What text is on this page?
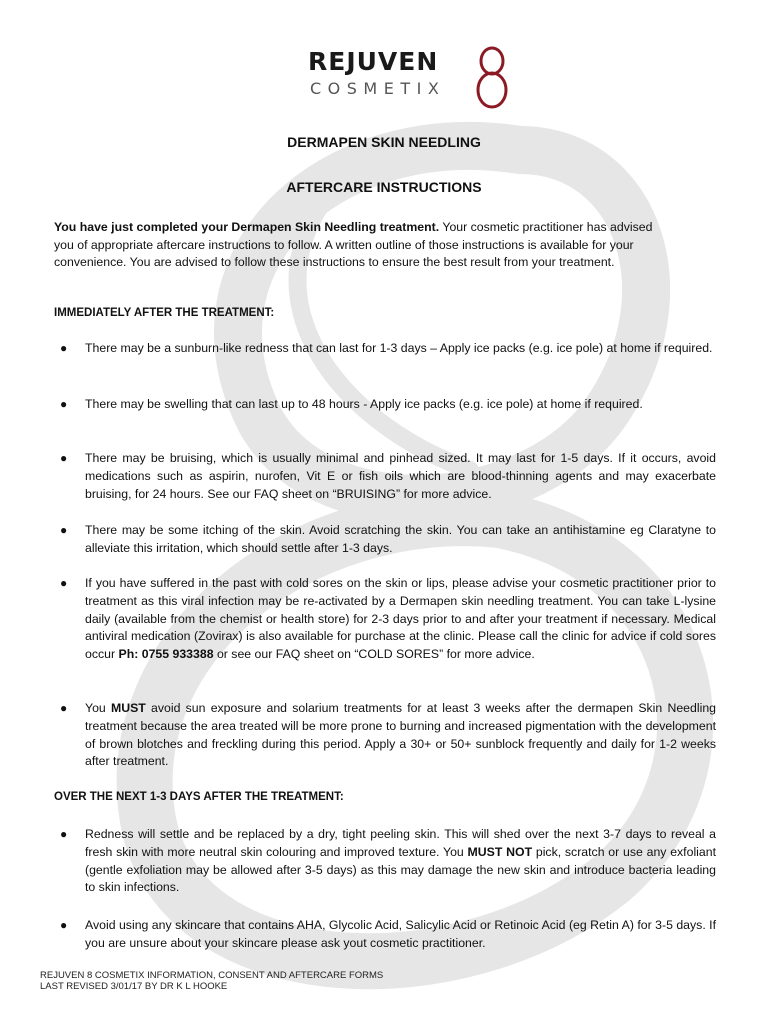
REJUVEN
COSMETIX
DERMAPEN SKIN NEEDLING
AFTERCARE INSTRUCTIONS
You have just completed your Dermapen Skin Needling treatment. Your cosmetic practitioner has advised you of appropriate aftercare instructions to follow. A written outline of those instructions is available for your convenience. You are advised to follow these instructions to ensure the best result from your treatment.
IMMEDIATELY AFTER THE TREATMENT:
●	There may be a sunburn-like redness that can last for 1-3 days – Apply ice packs (e.g. ice pole) at home if required.
●	There may be swelling that can last up to 48 hours - Apply ice packs (e.g. ice pole) at home if required.
●	There may be bruising, which is usually minimal and pinhead sized. It may last for 1-5 days. If it occurs, avoid medications such as aspirin, nurofen, Vit E or fish oils which are blood-thinning agents and may exacerbate bruising, for 24 hours. See our FAQ sheet on “BRUISING” for more advice.
●	There may be some itching of the skin. Avoid scratching the skin. You can take an antihistamine eg Claratyne to alleviate this irritation, which should settle after 1-3 days.
●	If you have suffered in the past with cold sores on the skin or lips, please advise your cosmetic practitioner prior to treatment as this viral infection may be re-activated by a Dermapen skin needling treatment. You can take L-lysine daily (available from the chemist or health store) for 2-3 days prior to and after your treatment if necessary. Medical antiviral medication (Zovirax) is also available for purchase at the clinic. Please call the clinic for advice if cold sores occur Ph: 0755 933388 or see our FAQ sheet on “COLD SORES” for more advice.
●	You MUST avoid sun exposure and solarium treatments for at least 3 weeks after the dermapen Skin Needling treatment because the area treated will be more prone to burning and increased pigmentation with the development of brown blotches and freckling during this period. Apply a 30+ or 50+ sunblock frequently and daily for 1-2 weeks after treatment.
OVER THE NEXT 1-3 DAYS AFTER THE TREATMENT:
●	Redness will settle and be replaced by a dry, tight peeling skin. This will shed over the next 3-7 days to reveal a fresh skin with more neutral skin colouring and improved texture. You MUST NOT pick, scratch or use any exfoliant (gentle exfoliation may be allowed after 3-5 days) as this may damage the new skin and introduce bacteria leading to skin infections.
●	Avoid using any skincare that contains AHA, Glycolic Acid, Salicylic Acid or Retinoic Acid (eg Retin A) for 3-5 days. If you are unsure about your skincare please ask yout cosmetic practitioner.
REJUVEN 8 COSMETIX INFORMATION, CONSENT AND AFTERCARE FORMS
LAST REVISED 3/01/17 BY DR K L HOOKE
